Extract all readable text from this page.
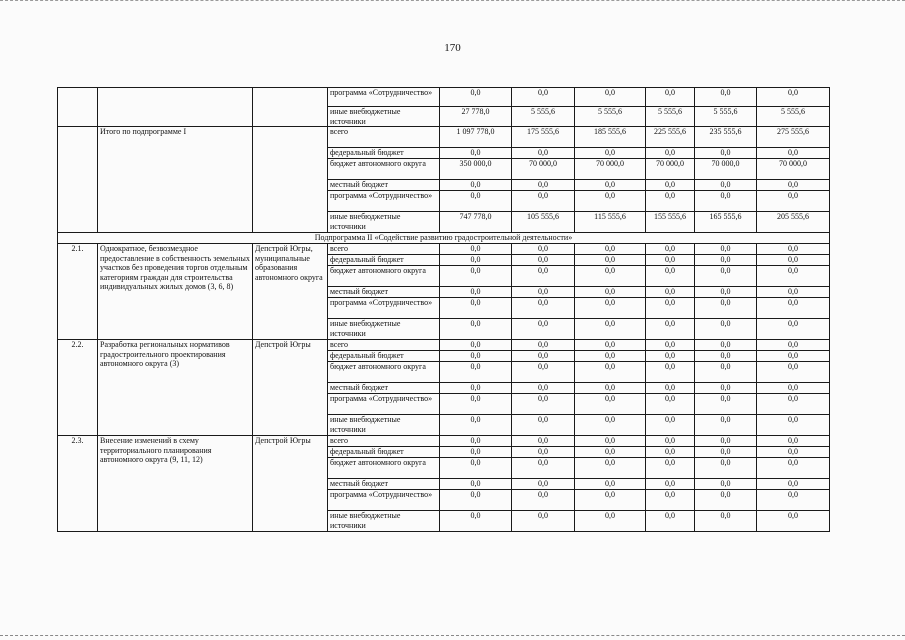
170
			программа «Сотрудничество»	0,0	0,0	0,0	0,0	0,0	0,0
			иные внебюджетные источники	27 778,0	5 555,6	5 555,6	5 555,6	5 555,6	5 555,6
	Итого по подпрограмме I		всего	1 097 778,0	175 555,6	185 555,6	225 555,6	235 555,6	275 555,6
			федеральный бюджет	0,0	0,0	0,0	0,0	0,0	0,0
			бюджет автономного округа	350 000,0	70 000,0	70 000,0	70 000,0	70 000,0	70 000,0
			местный бюджет	0,0	0,0	0,0	0,0	0,0	0,0
			программа «Сотрудничество»	0,0	0,0	0,0	0,0	0,0	0,0
			иные внебюджетные источники	747 778,0	105 555,6	115 555,6	155 555,6	165 555,6	205 555,6
Подпрограмма II «Содействие развитию градостроительной деятельности»									
2.1.	Однократное, безвозмездное предоставление в собственность земельных участков без проведения торгов отдельным категориям граждан для строительства индивидуальных жилых домов (3, 6, 8)	Депстрой Югры, муниципальные образования автономного округа	всего	0,0	0,0	0,0	0,0	0,0	0,0
			федеральный бюджет	0,0	0,0	0,0	0,0	0,0	0,0
			бюджет автономного округа	0,0	0,0	0,0	0,0	0,0	0,0
			местный бюджет	0,0	0,0	0,0	0,0	0,0	0,0
			программа «Сотрудничество»	0,0	0,0	0,0	0,0	0,0	0,0
			иные внебюджетные источники	0,0	0,0	0,0	0,0	0,0	0,0
2.2.	Разработка региональных нормативов градостроительного проектирования автономного округа (3)	Депстрой Югры	всего	0,0	0,0	0,0	0,0	0,0	0,0
			федеральный бюджет	0,0	0,0	0,0	0,0	0,0	0,0
			бюджет автономного округа	0,0	0,0	0,0	0,0	0,0	0,0
			местный бюджет	0,0	0,0	0,0	0,0	0,0	0,0
			программа «Сотрудничество»	0,0	0,0	0,0	0,0	0,0	0,0
			иные внебюджетные источники	0,0	0,0	0,0	0,0	0,0	0,0
2.3.	Внесение изменений в схему территориального планирования автономного округа (9, 11, 12)	Депстрой Югры	всего	0,0	0,0	0,0	0,0	0,0	0,0
			федеральный бюджет	0,0	0,0	0,0	0,0	0,0	0,0
			бюджет автономного округа	0,0	0,0	0,0	0,0	0,0	0,0
			местный бюджет	0,0	0,0	0,0	0,0	0,0	0,0
			программа «Сотрудничество»	0,0	0,0	0,0	0,0	0,0	0,0
			иные внебюджетные источники	0,0	0,0	0,0	0,0	0,0	0,0
